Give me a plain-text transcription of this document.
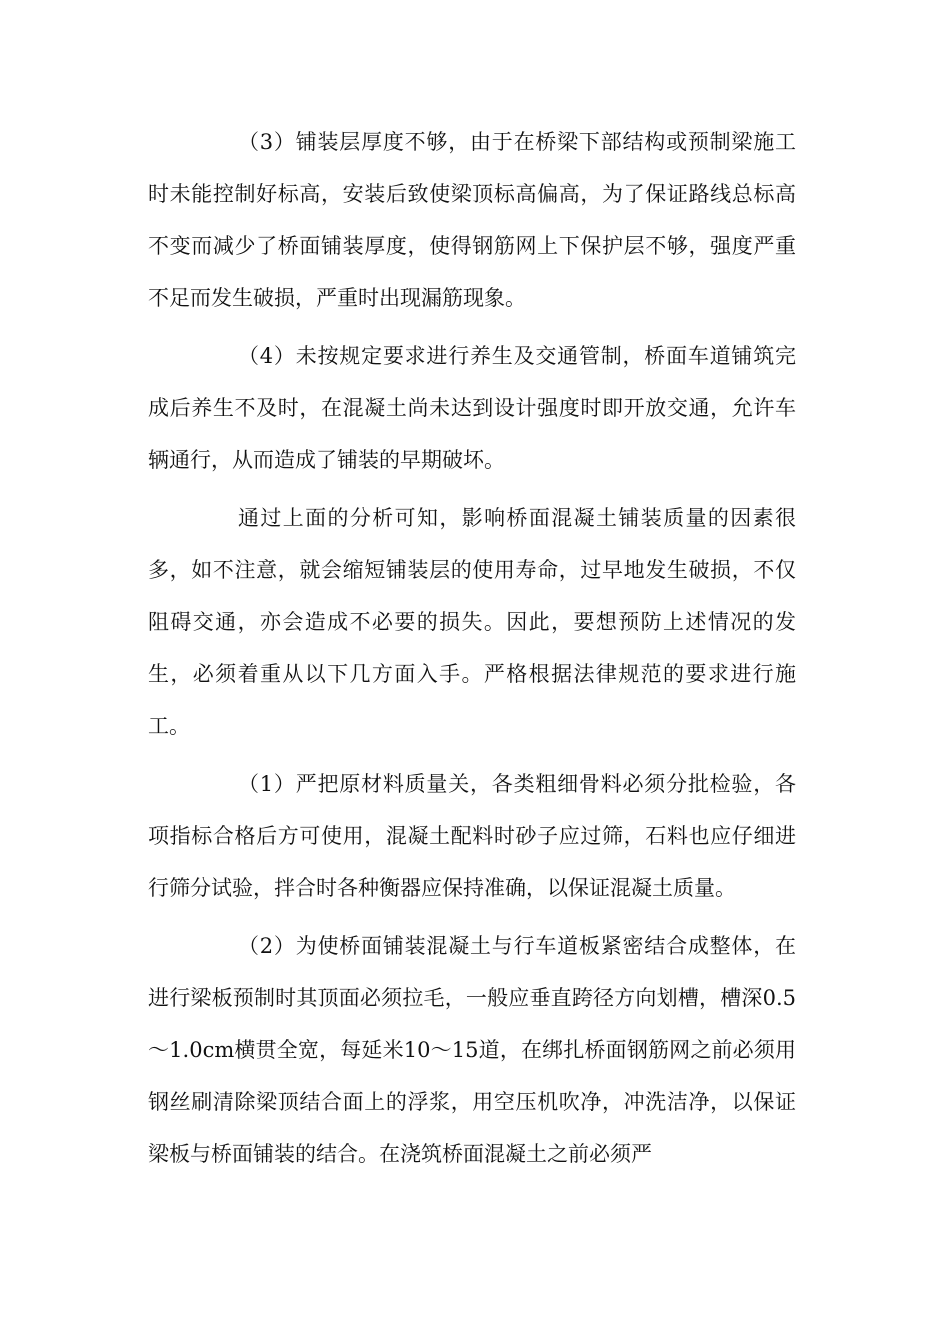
（3）铺装层厚度不够，由于在桥梁下部结构或预制梁施工时未能控制好标高，安装后致使梁顶标高偏高，为了保证路线总标高不变而减少了桥面铺装厚度，使得钢筋网上下保护层不够，强度严重不足而发生破损，严重时出现漏筋现象。

（4）未按规定要求进行养生及交通管制，桥面车道铺筑完成后养生不及时，在混凝土尚未达到设计强度时即开放交通，允许车辆通行，从而造成了铺装的早期破坏。

通过上面的分析可知，影响桥面混凝土铺装质量的因素很多，如不注意，就会缩短铺装层的使用寿命，过早地发生破损，不仅阻碍交通，亦会造成不必要的损失。因此，要想预防上述情况的发生，必须着重从以下几方面入手。严格根据法律规范的要求进行施工。

（1）严把原材料质量关，各类粗细骨料必须分批检验，各项指标合格后方可使用，混凝土配料时砂子应过筛，石料也应仔细进行筛分试验，拌合时各种衡器应保持准确，以保证混凝土质量。

（2）为使桥面铺装混凝土与行车道板紧密结合成整体，在进行梁板预制时其顶面必须拉毛，一般应垂直跨径方向划槽，槽深0.5～1.0cm横贯全宽，每延米10～15道，在绑扎桥面钢筋网之前必须用钢丝刷清除梁顶结合面上的浮浆，用空压机吹净，冲洗洁净，以保证梁板与桥面铺装的结合。在浇筑桥面混凝土之前必须严
